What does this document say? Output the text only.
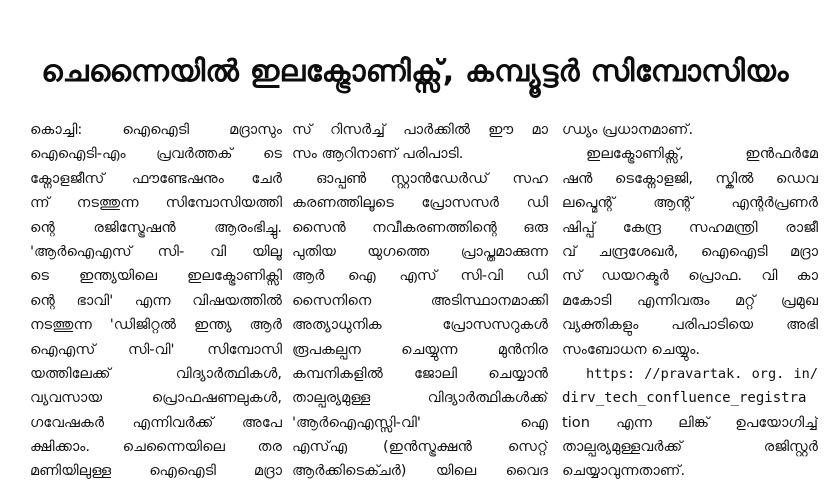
ചെന്നൈയിൽ ഇലക്ട്രോണിക്സ്, കമ്പ്യൂട്ടർ സിമ്പോസിയം
കൊച്ചി: ഐഐടി മദ്രാസും
ഐഐടി-എം പ്രവർത്തക് ടെ
ക്നോളജീസ് ഫൗണ്ടേഷനും ചേർ
ന്ന് നടത്തുന്ന സിമ്പോസിയത്തി
ന്റെ രജിസ്ട്രേഷൻ ആരംഭിച്ചു.
'ആർഐഎസ് സി- വി യിലൂ
ടെ ഇന്ത്യയിലെ ഇലക്ട്രോണിക്സി
ന്റെ ഭാവി' എന്ന വിഷയത്തിൽ
നടത്തുന്ന 'ഡിജിറ്റൽ ഇന്ത്യ ആർ
ഐഎസ് സി-വി' സിമ്പോസി
യത്തിലേക്ക് വിദ്യാർത്ഥികൾ,
വ്യവസായ പ്രൊഫഷണലുകൾ,
ഗവേഷകർ എന്നിവർക്ക് അപേ
ക്ഷിക്കാം. ചെന്നൈയിലെ തര
മണിയിലുള്ള ഐഐടി മദ്രാ
സ് റിസർച്ച് പാർക്കിൽ ഈ മാ
സം ആറിനാണ് പരിപാടി.
ഓപ്പൺ സ്റ്റാൻഡേർഡ് സഹ
കരണത്തിലൂടെ പ്രോസസർ ഡി
സൈൻ നവീകരണത്തിന്റെ ഒരു
പുതിയ യുഗത്തെ പ്രാപ്തമാക്കുന്ന
ആർ ഐ എസ് സി-വി ഡി
സൈനിനെ അടിസ്ഥാനമാക്കി
അത്യാധുനിക പ്രോസസറുകൾ
രൂപകല്പന ചെയ്യുന്ന മുൻനിര
കമ്പനികളിൽ ജോലി ചെയ്യാൻ
താല്പര്യമുള്ള വിദ്യാർത്ഥികൾക്ക്
'ആർഐഎസ്സി-വി' ഐ
എസ്എ (ഇൻസ്ട്രക്ഷൻ സെറ്റ്
ആർക്കിടെക്ചർ) യിലെ വൈദ
ഗ്ധ്യം പ്രധാനമാണ്.
ഇലക്ട്രോണിക്സ്, ഇൻഫർമേ
ഷൻ ടെക്നോളജി, സ്കിൽ ഡെവ
ലപ്മെന്റ് ആന്റ് എന്റർപ്രണർ
ഷിപ്പ് കേന്ദ്ര സഹമന്ത്രി രാജീ
വ് ചന്ദ്രശേഖർ, ഐഐടി മദ്രാ
സ് ഡയറക്ടർ പ്രൊഫ. വി കാ
മകോടി എന്നിവരും മറ്റ് പ്രമുഖ
വ്യക്തികളും പരിപാടിയെ അഭി
സംബോധന ചെയ്യും.
https: //pravartak. org. in/
dirv_tech_confluence_registra
tion എന്ന ലിങ്ക് ഉപയോഗിച്ച്
താല്പര്യമുള്ളവർക്ക് രജിസ്റ്റർ
ചെയ്യാവുന്നതാണ്.
